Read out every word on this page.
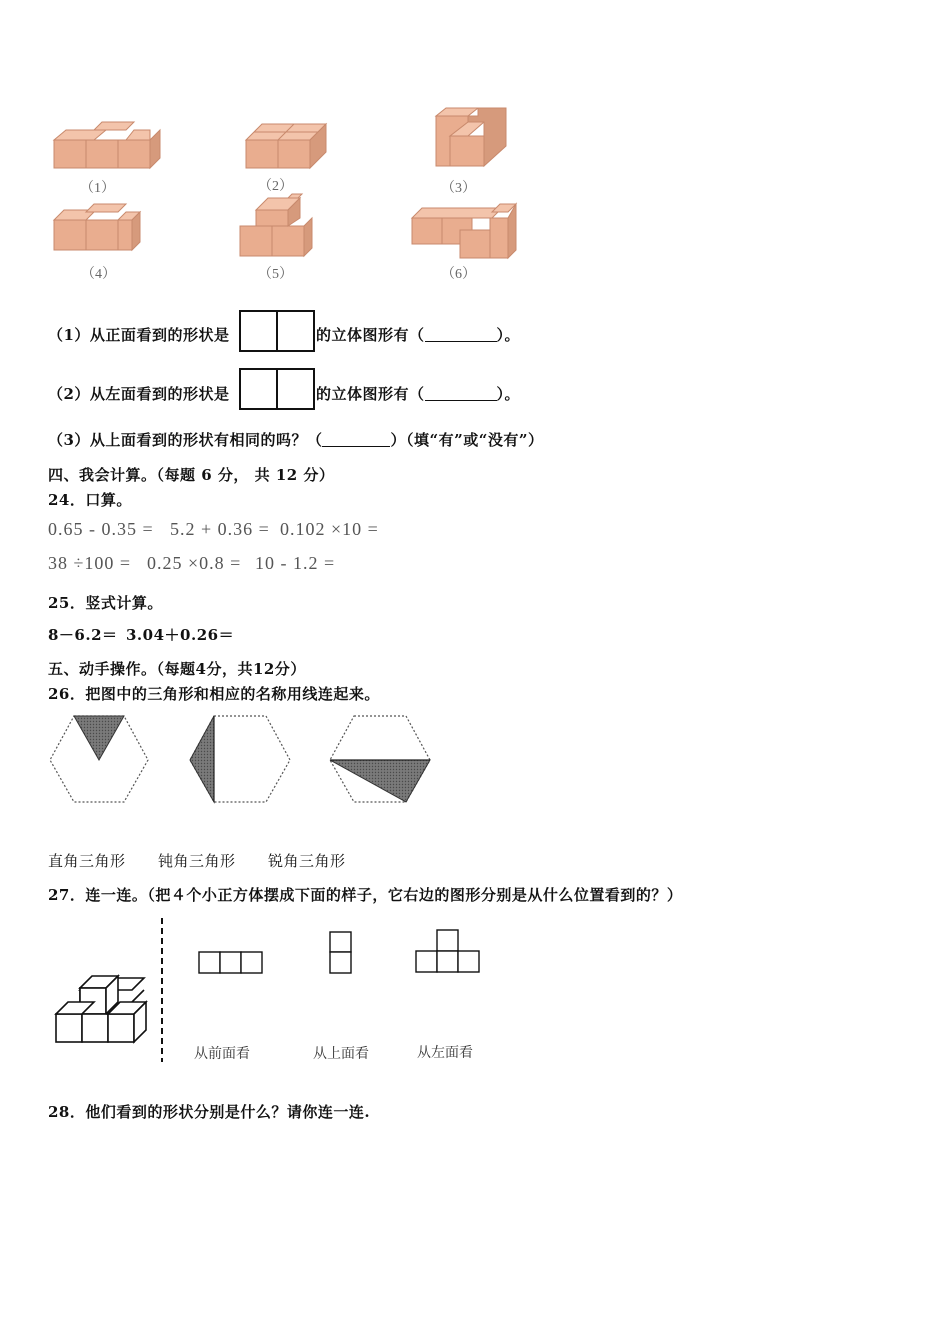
（1）	（2）	（3）
（4）	（5）	（6）
（1）从正面看到的形状是	的立体图形有（	）。
（2）从左面看到的形状是	的立体图形有（	）。
（3）从上面看到的形状有相同的吗？（	）（填“有”或“没有”）
四、我会计算。（每题 6 分， 共 12 分）
24．口算。
0.65 - 0.35 = 5.2 + 0.36 = 0.102 ×10 =
38 ÷100 = 0.25 ×0.8 = 10 - 1.2 =
25．竖式计算。
8－6.2＝ 3.04＋0.26＝
五、动手操作。（每题4分，共12分）
26．把图中的三角形和相应的名称用线连起来。
直角三角形 钝角三角形 锐角三角形
27．连一连。（把４个小正方体摆成下面的样子，它右边的图形分别是从什么位置看到的？）
从前面看	从上面看	从左面看
28．他们看到的形状分别是什么？请你连一连.
